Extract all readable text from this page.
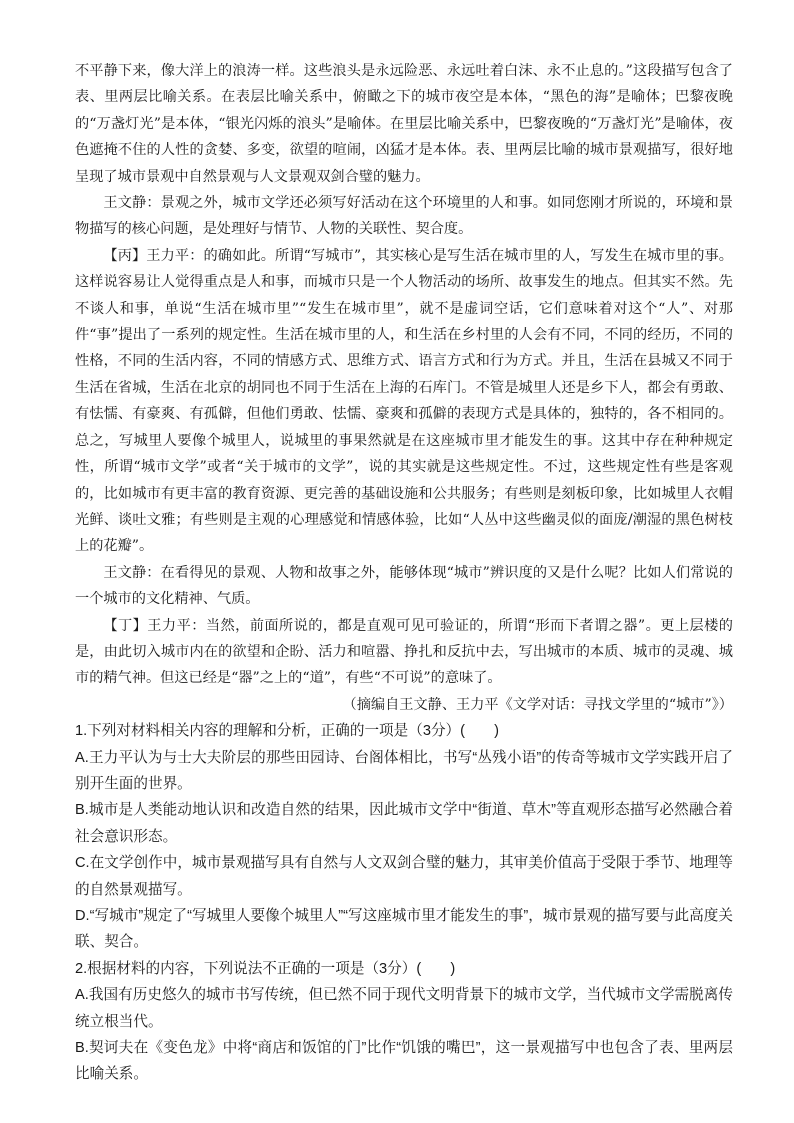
不平静下来，像大洋上的浪涛一样。这些浪头是永远险恶、永远吐着白沫、永不止息的。”这段描写包含了表、里两层比喻关系。在表层比喻关系中，俯瞰之下的城市夜空是本体，“黑色的海”是喻体；巴黎夜晚的“万盏灯光”是本体，“银光闪烁的浪头”是喻体。在里层比喻关系中，巴黎夜晚的“万盏灯光”是喻体，夜色遮掩不住的人性的贪婪、多变，欲望的喧闹，凶猛才是本体。表、里两层比喻的城市景观描写，很好地呈现了城市景观中自然景观与人文景观双剑合璧的魅力。

王文静：景观之外，城市文学还必须写好活动在这个环境里的人和事。如同您刚才所说的，环境和景物描写的核心问题，是处理好与情节、人物的关联性、契合度。

【丙】王力平：的确如此。所谓“写城市”，其实核心是写生活在城市里的人，写发生在城市里的事。这样说容易让人觉得重点是人和事，而城市只是一个人物活动的场所、故事发生的地点。但其实不然。先不谈人和事，单说“生活在城市里”“发生在城市里”，就不是虚词空话，它们意味着对这个“人”、对那件“事”提出了一系列的规定性。生活在城市里的人，和生活在乡村里的人会有不同，不同的经历，不同的性格，不同的生活内容，不同的情感方式、思维方式、语言方式和行为方式。并且，生活在县城又不同于生活在省城，生活在北京的胡同也不同于生活在上海的石库门。不管是城里人还是乡下人，都会有勇敢、有怯懦、有豪爽、有孤僻，但他们勇敢、怯懦、豪爽和孤僻的表现方式是具体的，独特的，各不相同的。总之，写城里人要像个城里人，说城里的事果然就是在这座城市里才能发生的事。这其中存在种种规定性，所谓“城市文学”或者“关于城市的文学”，说的其实就是这些规定性。不过，这些规定性有些是客观的，比如城市有更丰富的教育资源、更完善的基础设施和公共服务；有些则是刻板印象，比如城里人衣帽光鲜、谈吐文雅；有些则是主观的心理感觉和情感体验，比如“人丛中这些幽灵似的面庞/潮湿的黑色树枝上的花瓣”。

王文静：在看得见的景观、人物和故事之外，能够体现“城市”辨识度的又是什么呢？比如人们常说的一个城市的文化精神、气质。

【丁】王力平：当然，前面所说的，都是直观可见可验证的，所谓“形而下者谓之器”。更上层楼的是，由此切入城市内在的欲望和企盼、活力和喧嚣、挣扎和反抗中去，写出城市的本质、城市的灵魂、城市的精气神。但这已经是“器”之上的“道”，有些“不可说”的意味了。

（摘编自王文静、王力平《文学对话：寻找文学里的“城市”》）

1.下列对材料相关内容的理解和分析，正确的一项是（3分）(　　)

A.王力平认为与士大夫阶层的那些田园诗、台阁体相比，书写“丛残小语”的传奇等城市文学实践开启了别开生面的世界。

B.城市是人类能动地认识和改造自然的结果，因此城市文学中“街道、草木”等直观形态描写必然融合着社会意识形态。

C.在文学创作中，城市景观描写具有自然与人文双剑合璧的魅力，其审美价值高于受限于季节、地理等的自然景观描写。

D.“写城市”规定了“写城里人要像个城里人”“写这座城市里才能发生的事”，城市景观的描写要与此高度关联、契合。

2.根据材料的内容，下列说法不正确的一项是（3分）(　　)

A.我国有历史悠久的城市书写传统，但已然不同于现代文明背景下的城市文学，当代城市文学需脱离传统立根当代。

B.契诃夫在《变色龙》中将“商店和饭馆的门”比作“饥饿的嘴巴”，这一景观描写中也包含了表、里两层比喻关系。
